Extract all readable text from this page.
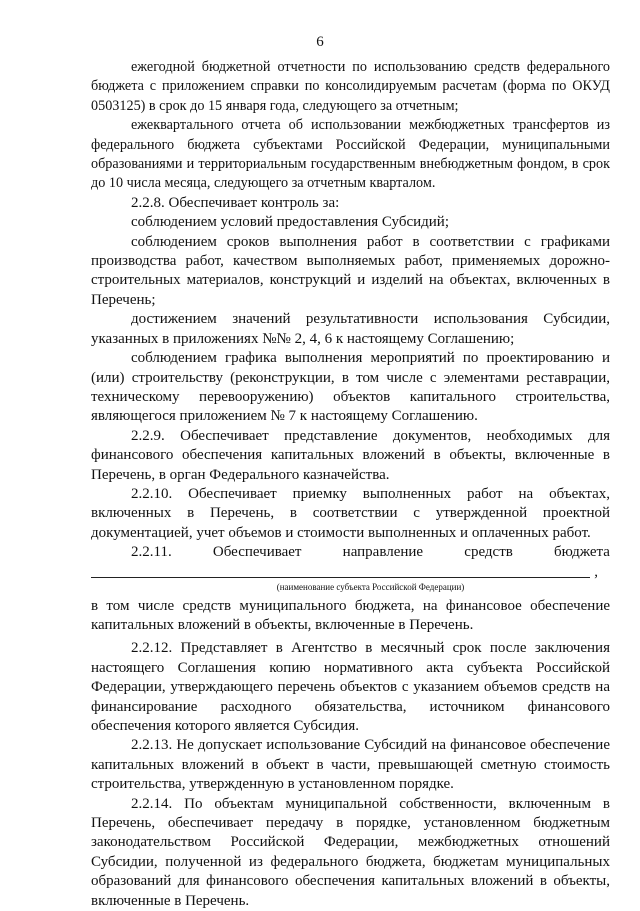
6

ежегодной бюджетной отчетности по использованию средств федерального бюджета с приложением справки по консолидируемым расчетам (форма по ОКУД 0503125) в срок до 15 января года, следующего за отчетным;

ежеквартального отчета об использовании межбюджетных трансфертов из федерального бюджета субъектами Российской Федерации, муниципальными образованиями и территориальным государственным внебюджетным фондом, в срок до 10 числа месяца, следующего за отчетным кварталом.

2.2.8. Обеспечивает контроль за:

соблюдением условий предоставления Субсидий;

соблюдением сроков выполнения работ в соответствии с графиками производства работ, качеством выполняемых работ, применяемых дорожно-строительных материалов, конструкций и изделий на объектах, включенных в Перечень;

достижением значений результативности использования Субсидии, указанных в приложениях №№ 2, 4, 6 к настоящему Соглашению;

соблюдением графика выполнения мероприятий по проектированию и (или) строительству (реконструкции, в том числе с элементами реставрации, техническому перевооружению) объектов капитального строительства, являющегося приложением № 7 к настоящему Соглашению.

2.2.9. Обеспечивает представление документов, необходимых для финансового обеспечения капитальных вложений в объекты, включенные в Перечень, в орган Федерального казначейства.

2.2.10. Обеспечивает приемку выполненных работ на объектах, включенных в Перечень, в соответствии с утвержденной проектной документацией, учет объемов и стоимости выполненных и оплаченных работ.

2.2.11.	Обеспечивает	направление	средств	бюджета
,

(наименование субъекта Российской Федерации)

в том числе средств муниципального бюджета, на финансовое обеспечение капитальных вложений в объекты, включенные в Перечень.

2.2.12. Представляет в Агентство в месячный срок после заключения настоящего Соглашения копию нормативного акта субъекта Российской Федерации, утверждающего перечень объектов с указанием объемов средств на финансирование расходного обязательства, источником финансового обеспечения которого является Субсидия.

2.2.13. Не допускает использование Субсидий на финансовое обеспечение капитальных вложений в объект в части, превышающей сметную стоимость строительства, утвержденную в установленном порядке.

2.2.14. По объектам муниципальной собственности, включенным в Перечень, обеспечивает передачу в порядке, установленном бюджетным законодательством Российской Федерации, межбюджетных отношений Субсидии, полученной из федерального бюджета, бюджетам муниципальных образований для финансового обеспечения капитальных вложений в объекты, включенные в Перечень.
